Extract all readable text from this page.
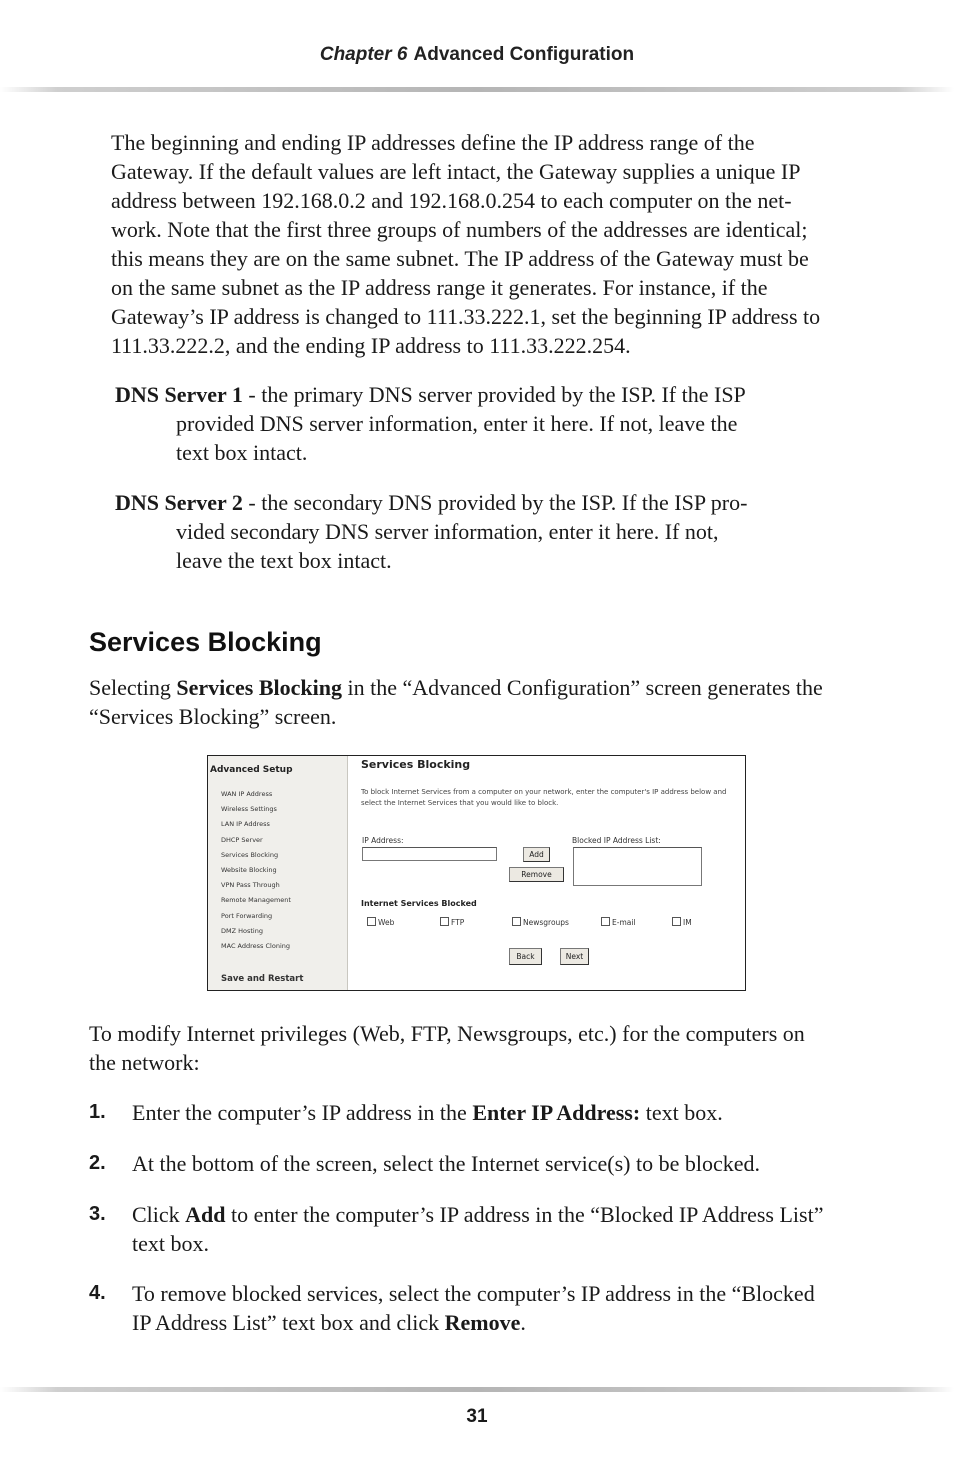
Chapter 6 Advanced Configuration
The beginning and ending IP addresses define the IP address range of the
Gateway. If the default values are left intact, the Gateway supplies a unique IP
address between 192.168.0.2 and 192.168.0.254 to each computer on the net-
work. Note that the first three groups of numbers of the addresses are identical;
this means they are on the same subnet. The IP address of the Gateway must be
on the same subnet as the IP address range it generates. For instance, if the
Gateway’s IP address is changed to 111.33.222.1, set the beginning IP address to
111.33.222.2, and the ending IP address to 111.33.222.254.
DNS Server 1 - the primary DNS server provided by the ISP. If the ISP
provided DNS server information, enter it here. If not, leave the
text box intact.
DNS Server 2 - the secondary DNS provided by the ISP. If the ISP pro-
vided secondary DNS server information, enter it here. If not,
leave the text box intact.
Services Blocking
Selecting Services Blocking in the “Advanced Configuration” screen generates the
“Services Blocking” screen.
Advanced Setup
WAN IP Address
Wireless Settings
LAN IP Address
DHCP Server
Services Blocking
Website Blocking
VPN Pass Through
Remote Management
Port Forwarding
DMZ Hosting
MAC Address Cloning
Save and Restart
Services Blocking
To block Internet Services from a computer on your network, enter the computer's IP address below and select the Internet Services that you would like to block.
IP Address:	Blocked IP Address List:
Add
Remove
Internet Services Blocked
Web	FTP	Newsgroups	E-mail	IM
Back	Next
To modify Internet privileges (Web, FTP, Newsgroups, etc.) for the computers on
the network:
1. Enter the computer’s IP address in the Enter IP Address: text box.
2. At the bottom of the screen, select the Internet service(s) to be blocked.
3. Click Add to enter the computer’s IP address in the “Blocked IP Address List”
text box.
4. To remove blocked services, select the computer’s IP address in the “Blocked
IP Address List” text box and click Remove.
31
